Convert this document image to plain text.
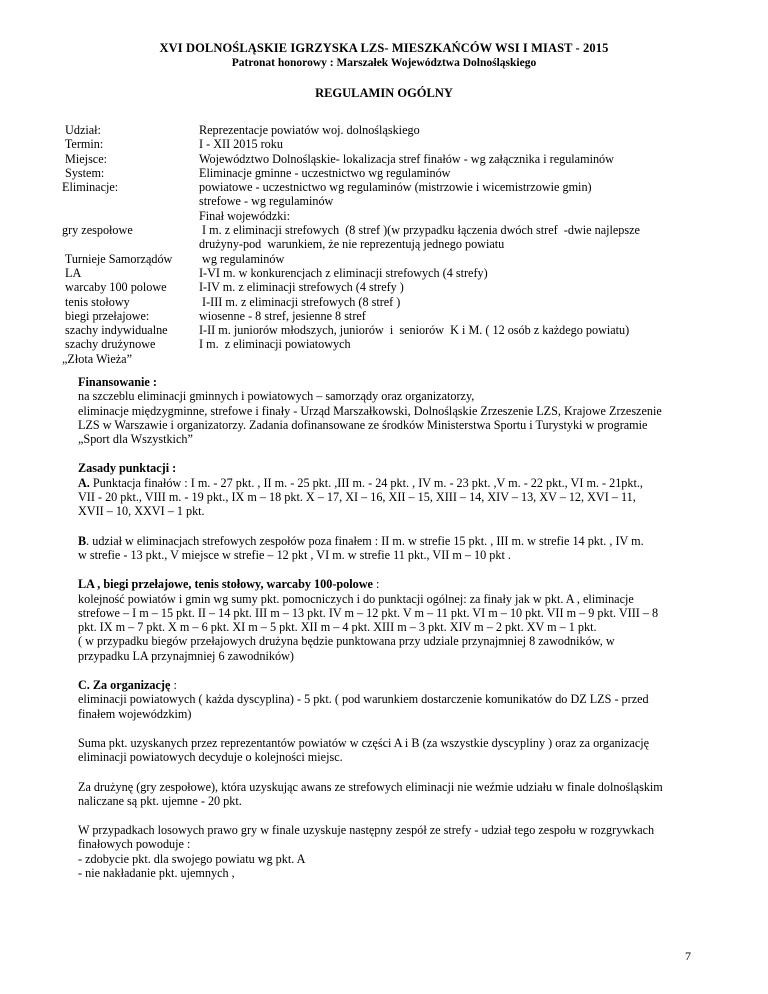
XVI DOLNOŚLĄSKIE IGRZYSKA LZS- MIESZKAŃCÓW WSI I MIAST - 2015
Patronat honorowy : Marszałek Województwa Dolnośląskiego
REGULAMIN OGÓLNY
Udział:	Reprezentacje powiatów woj. dolnośląskiego
Termin:	I - XII 2015 roku
Miejsce:	Województwo Dolnośląskie- lokalizacja stref finałów - wg załącznika i regulaminów
System:	Eliminacje gminne - uczestnictwo wg regulaminów
Eliminacje:	powiatowe - uczestnictwo wg regulaminów (mistrzowie i wicemistrzowie gmin)
strefowe - wg regulaminów
Finał wojewódzki:
gry zespołowe	I m. z eliminacji strefowych  (8 stref )(w przypadku łączenia dwóch stref  -dwie najlepsze
drużyny-pod  warunkiem, że nie reprezentują jednego powiatu
Turnieje Samorządów	wg regulaminów
LA	I-VI m. w konkurencjach z eliminacji strefowych (4 strefy)
warcaby 100 polowe	I-IV m. z eliminacji strefowych (4 strefy )
tenis stołowy	I-III m. z eliminacji strefowych (8 stref )
biegi przełajowe:	wiosenne - 8 stref, jesienne 8 stref
szachy indywidualne	I-II m. juniorów młodszych, juniorów  i  seniorów  K i M. ( 12 osób z każdego powiatu)
szachy drużynowe	I m.  z eliminacji powiatowych
„Złota Wieża”

Finansowanie :

na szczeblu eliminacji gminnych i powiatowych – samorządy oraz organizatorzy,
eliminacje międzygminne, strefowe i finały - Urząd Marszałkowski, Dolnośląskie Zrzeszenie LZS, Krajowe Zrzeszenie
LZS w Warszawie i organizatorzy. Zadania dofinansowane ze środków Ministerstwa Sportu i Turystyki w programie
„Sport dla Wszystkich”

Zasady punktacji :

A. Punktacja finałów : I m. - 27 pkt. , II m. - 25 pkt. ,III m. - 24 pkt. , IV m. - 23 pkt. ,V m. - 22 pkt., VI m. - 21pkt.,
VII - 20 pkt., VIII m. - 19 pkt., IX m – 18 pkt. X – 17, XI – 16, XII – 15, XIII – 14, XIV – 13, XV – 12, XVI – 11,
XVII – 10, XXVI – 1 pkt.

B. udział w eliminacjach strefowych zespołów poza finałem : II m. w strefie 15 pkt. , III m. w strefie 14 pkt. , IV m.
w strefie - 13 pkt., V miejsce w strefie – 12 pkt , VI m. w strefie 11 pkt., VII m – 10 pkt .

LA , biegi przełajowe, tenis stołowy, warcaby 100-polowe :

kolejność powiatów i gmin wg sumy pkt. pomocniczych i do punktacji ogólnej: za finały jak w pkt. A , eliminacje
strefowe – I m – 15 pkt. II – 14 pkt. III m – 13 pkt. IV m – 12 pkt. V m – 11 pkt. VI m – 10 pkt. VII m – 9 pkt. VIII – 8
pkt. IX m – 7 pkt. X m – 6 pkt. XI m – 5 pkt. XII m – 4 pkt. XIII m – 3 pkt. XIV m – 2 pkt. XV m – 1 pkt.
( w przypadku biegów przełajowych drużyna będzie punktowana przy udziale przynajmniej 8 zawodników, w
przypadku LA przynajmniej 6 zawodników)

C. Za organizację :

eliminacji powiatowych ( każda dyscyplina) - 5 pkt. ( pod warunkiem dostarczenie komunikatów do DZ LZS - przed
finałem wojewódzkim)

Suma pkt. uzyskanych przez reprezentantów powiatów w części A i B (za wszystkie dyscypliny ) oraz za organizację
eliminacji powiatowych decyduje o kolejności miejsc.

Za drużynę (gry zespołowe), która uzyskując awans ze strefowych eliminacji nie weźmie udziału w finale dolnośląskim
naliczane są pkt. ujemne - 20 pkt.

W przypadkach losowych prawo gry w finale uzyskuje następny zespół ze strefy - udział tego zespołu w rozgrywkach
finałowych powoduje :
- zdobycie pkt. dla swojego powiatu wg pkt. A
- nie nakładanie pkt. ujemnych ,

7
